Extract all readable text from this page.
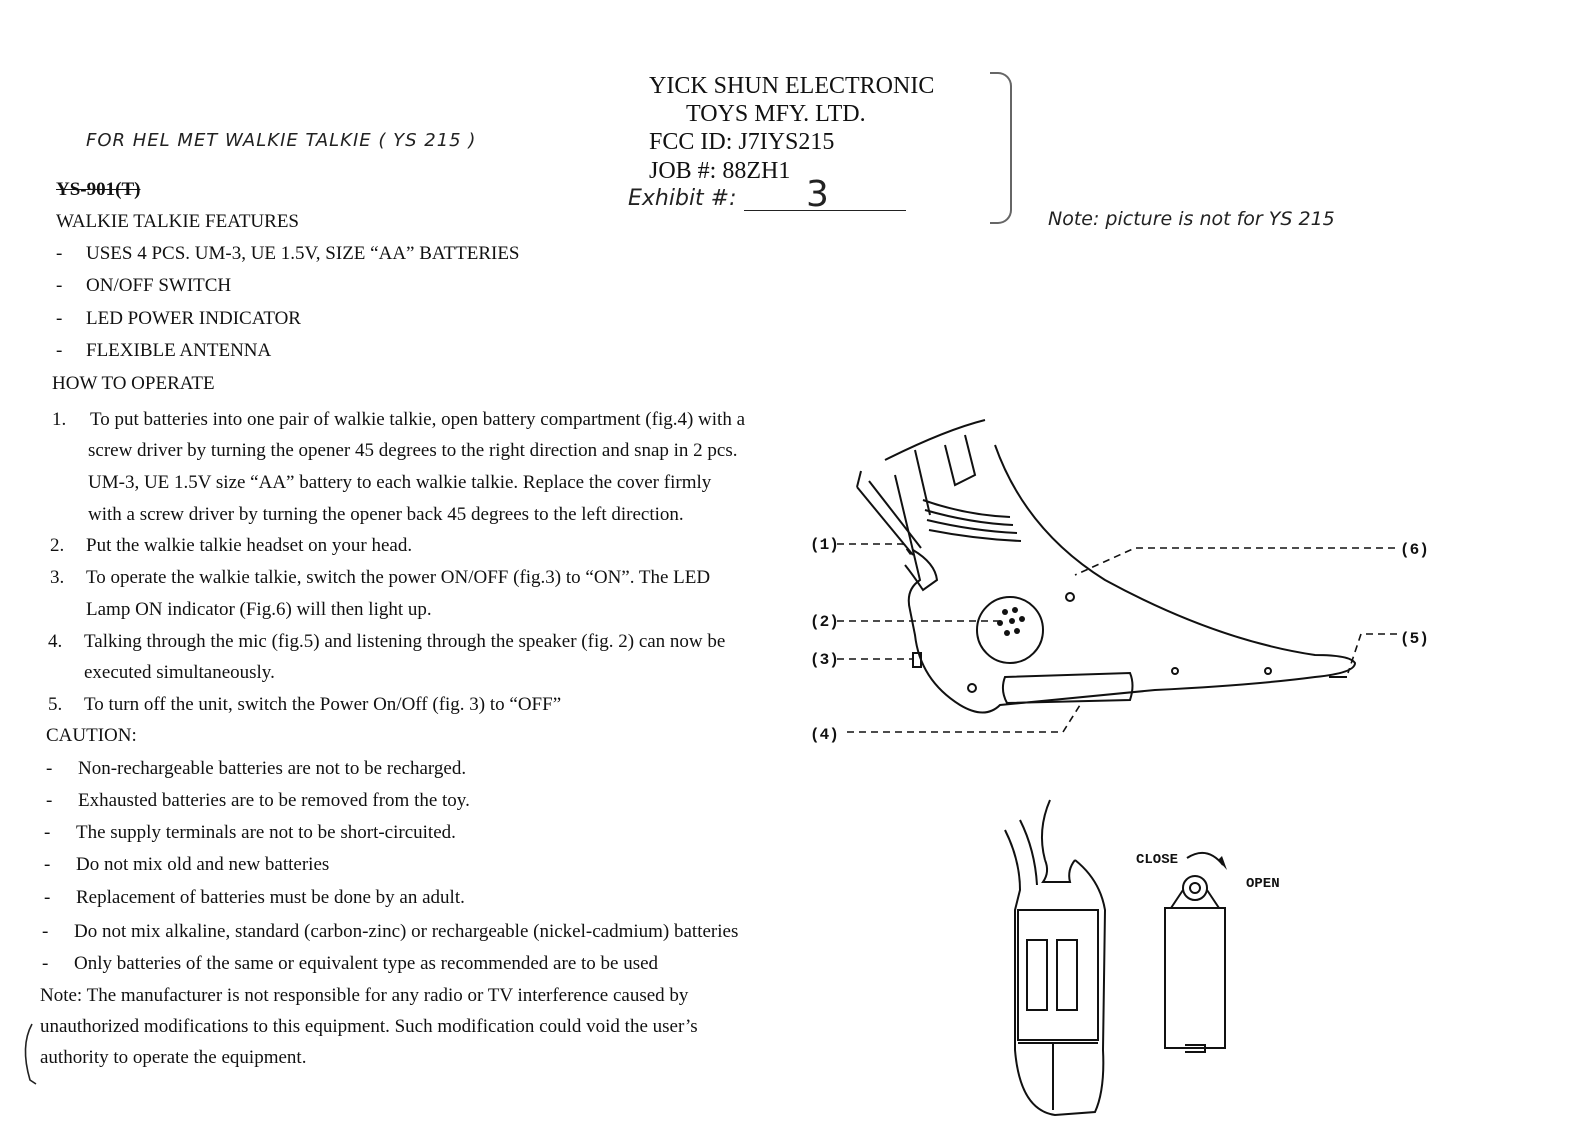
FOR HEL MET WALKIE TALKIE ( YS 215 )
YICK SHUN ELECTRONIC
TOYS MFY. LTD.
FCC ID: J7IYS215
JOB #: 88ZH1
Exhibit #: 3
Note: picture is not for YS 215
YS-901(T)
WALKIE TALKIE FEATURES
- USES 4 PCS. UM-3, UE 1.5V, SIZE “AA” BATTERIES
- ON/OFF SWITCH
- LED POWER INDICATOR
- FLEXIBLE ANTENNA
HOW TO OPERATE
1. To put batteries into one pair of walkie talkie, open battery compartment (fig.4) with a
screw driver by turning the opener 45 degrees to the right direction and snap in 2 pcs.
UM-3, UE 1.5V size “AA” battery to each walkie talkie. Replace the cover firmly
with a screw driver by turning the opener back 45 degrees to the left direction.
2. Put the walkie talkie headset on your head.
3. To operate the walkie talkie, switch the power ON/OFF (fig.3) to “ON”. The LED
Lamp ON indicator (Fig.6) will then light up.
4. Talking through the mic (fig.5) and listening through the speaker (fig. 2) can now be
executed simultaneously.
5. To turn off the unit, switch the Power On/Off (fig. 3) to “OFF”
CAUTION:
- Non-rechargeable batteries are not to be recharged.
- Exhausted batteries are to be removed from the toy.
- The supply terminals are not to be short-circuited.
- Do not mix old and new batteries
- Replacement of batteries must be done by an adult.
- Do not mix alkaline, standard (carbon-zinc) or rechargeable (nickel-cadmium) batteries
- Only batteries of the same or equivalent type as recommended are to be used
Note: The manufacturer is not responsible for any radio or TV interference caused by
unauthorized modifications to this equipment. Such modification could void the user’s
authority to operate the equipment.
(1)
(2)
(3)
(4)
(5)
(6)
CLOSE
OPEN
